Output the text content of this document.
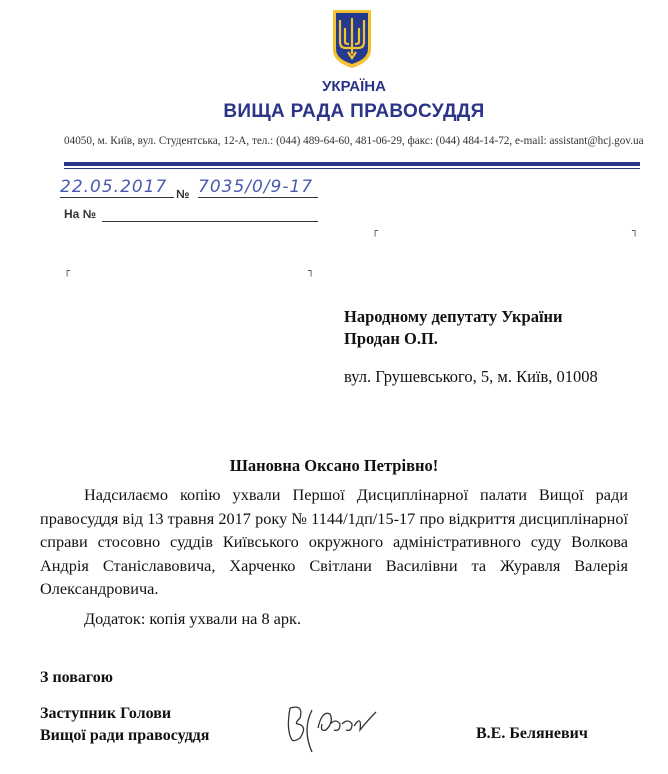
УКРАЇНА
ВИЩА РАДА ПРАВОСУДДЯ
04050, м. Київ, вул. Студентська, 12-А, тел.: (044) 489-64-60, 481-06-29, факс: (044) 484-14-72, e-mail: assistant@hcj.gov.ua
22.05.2017 № 7035/0/9-17
На №
┌	┐
┌	┐
Народному депутату України
Продан О.П.
вул. Грушевського, 5, м. Київ, 01008
Шановна Оксано Петрівно!
Надсилаємо копію ухвали Першої Дисциплінарної палати Вищої ради правосуддя від 13 травня 2017 року № 1144/1дп/15-17 про відкриття дисциплінарної справи стосовно суддів Київського окружного адміністративного суду Волкова Андрія Станіславовича, Харченко Світлани Василівни та Журавля Валерія Олександровича.
Додаток: копія ухвали на 8 арк.
З повагою
Заступник Голови
Вищої ради правосуддя	В.Е. Беляневич
